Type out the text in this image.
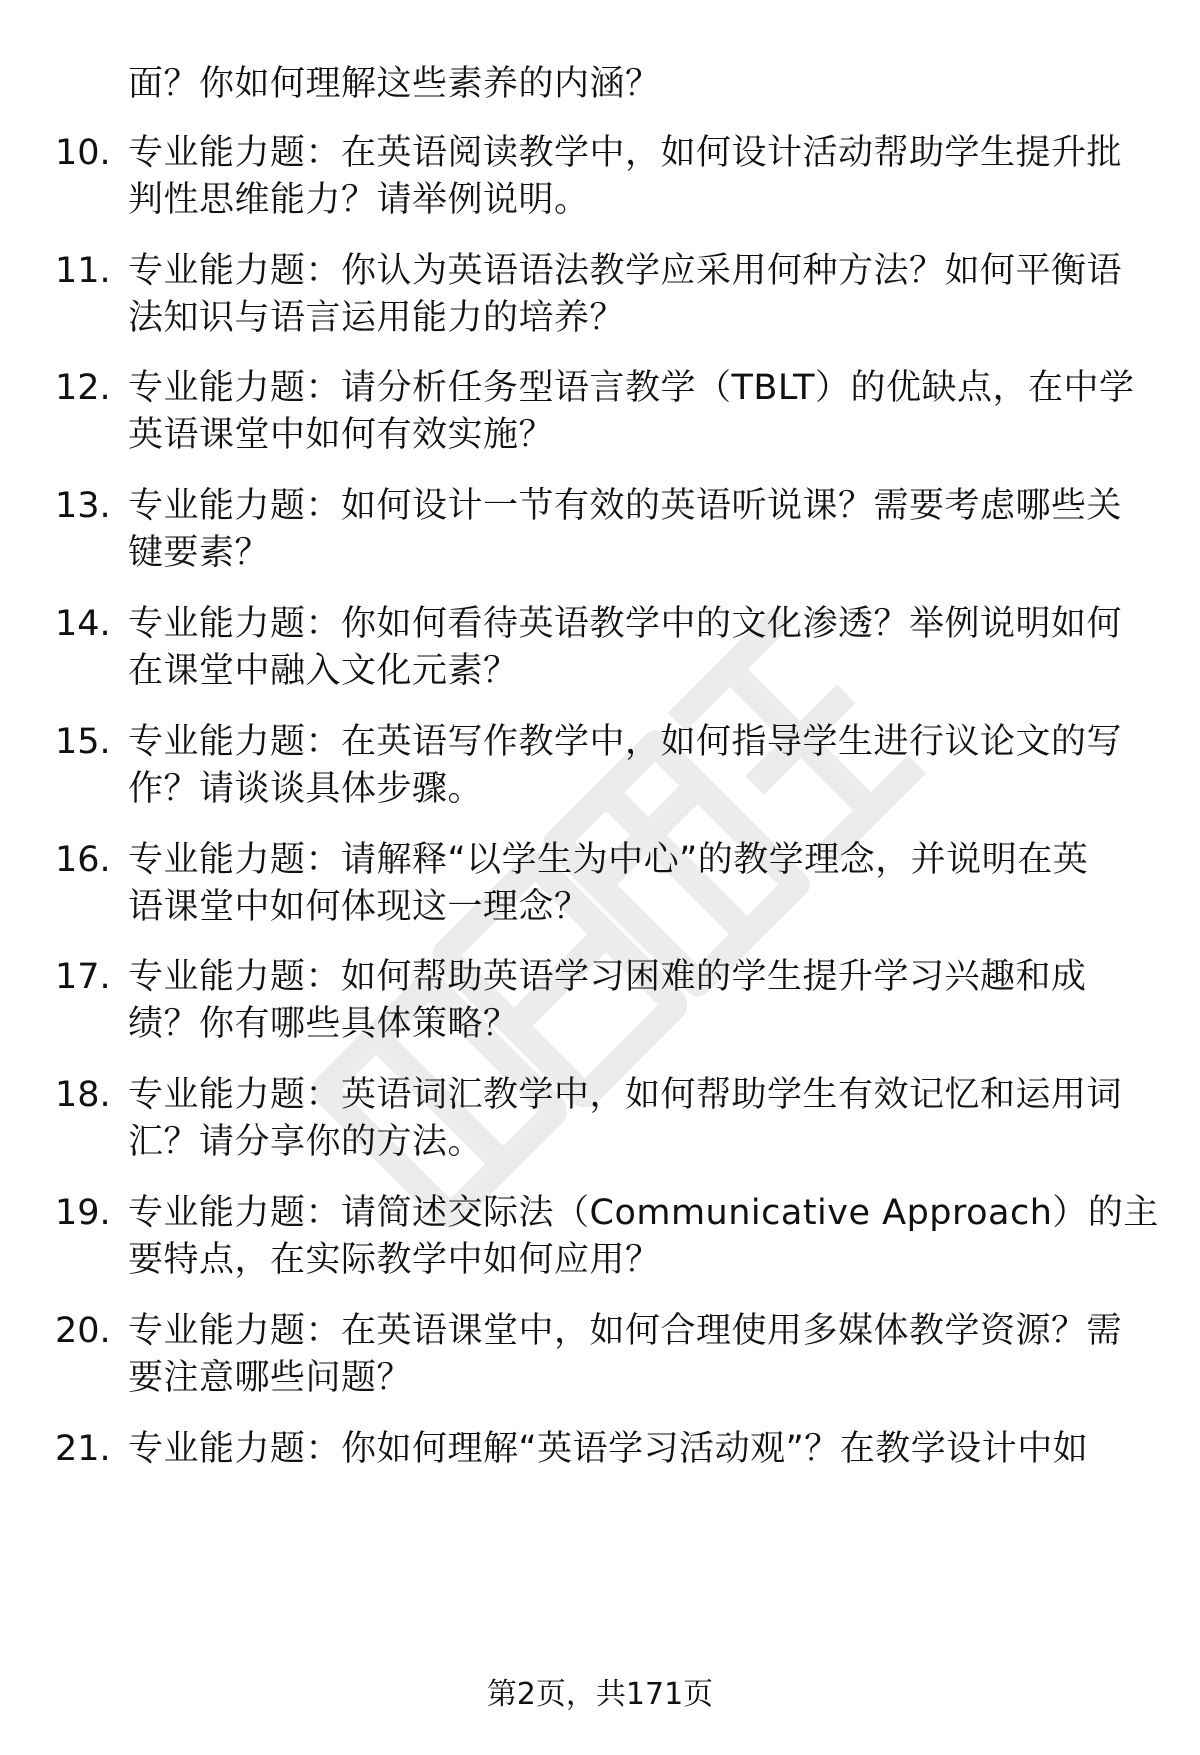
面？你如何理解这些素养的内涵？
10. 专业能力题：在英语阅读教学中，如何设计活动帮助学生提升批
判性思维能力？请举例说明。
11. 专业能力题：你认为英语语法教学应采用何种方法？如何平衡语
法知识与语言运用能力的培养？
12. 专业能力题：请分析任务型语言教学（TBLT）的优缺点，在中学
英语课堂中如何有效实施？
13. 专业能力题：如何设计一节有效的英语听说课？需要考虑哪些关
键要素？
14. 专业能力题：你如何看待英语教学中的文化渗透？举例说明如何
在课堂中融入文化元素？
15. 专业能力题：在英语写作教学中，如何指导学生进行议论文的写
作？请谈谈具体步骤。
16. 专业能力题：请解释“以学生为中心”的教学理念，并说明在英
语课堂中如何体现这一理念？
17. 专业能力题：如何帮助英语学习困难的学生提升学习兴趣和成
绩？你有哪些具体策略？
18. 专业能力题：英语词汇教学中，如何帮助学生有效记忆和运用词
汇？请分享你的方法。
19. 专业能力题：请简述交际法（Communicative Approach）的主
要特点，在实际教学中如何应用？
20. 专业能力题：在英语课堂中，如何合理使用多媒体教学资源？需
要注意哪些问题？
21. 专业能力题：你如何理解“英语学习活动观”？在教学设计中如
第2页，共171页
